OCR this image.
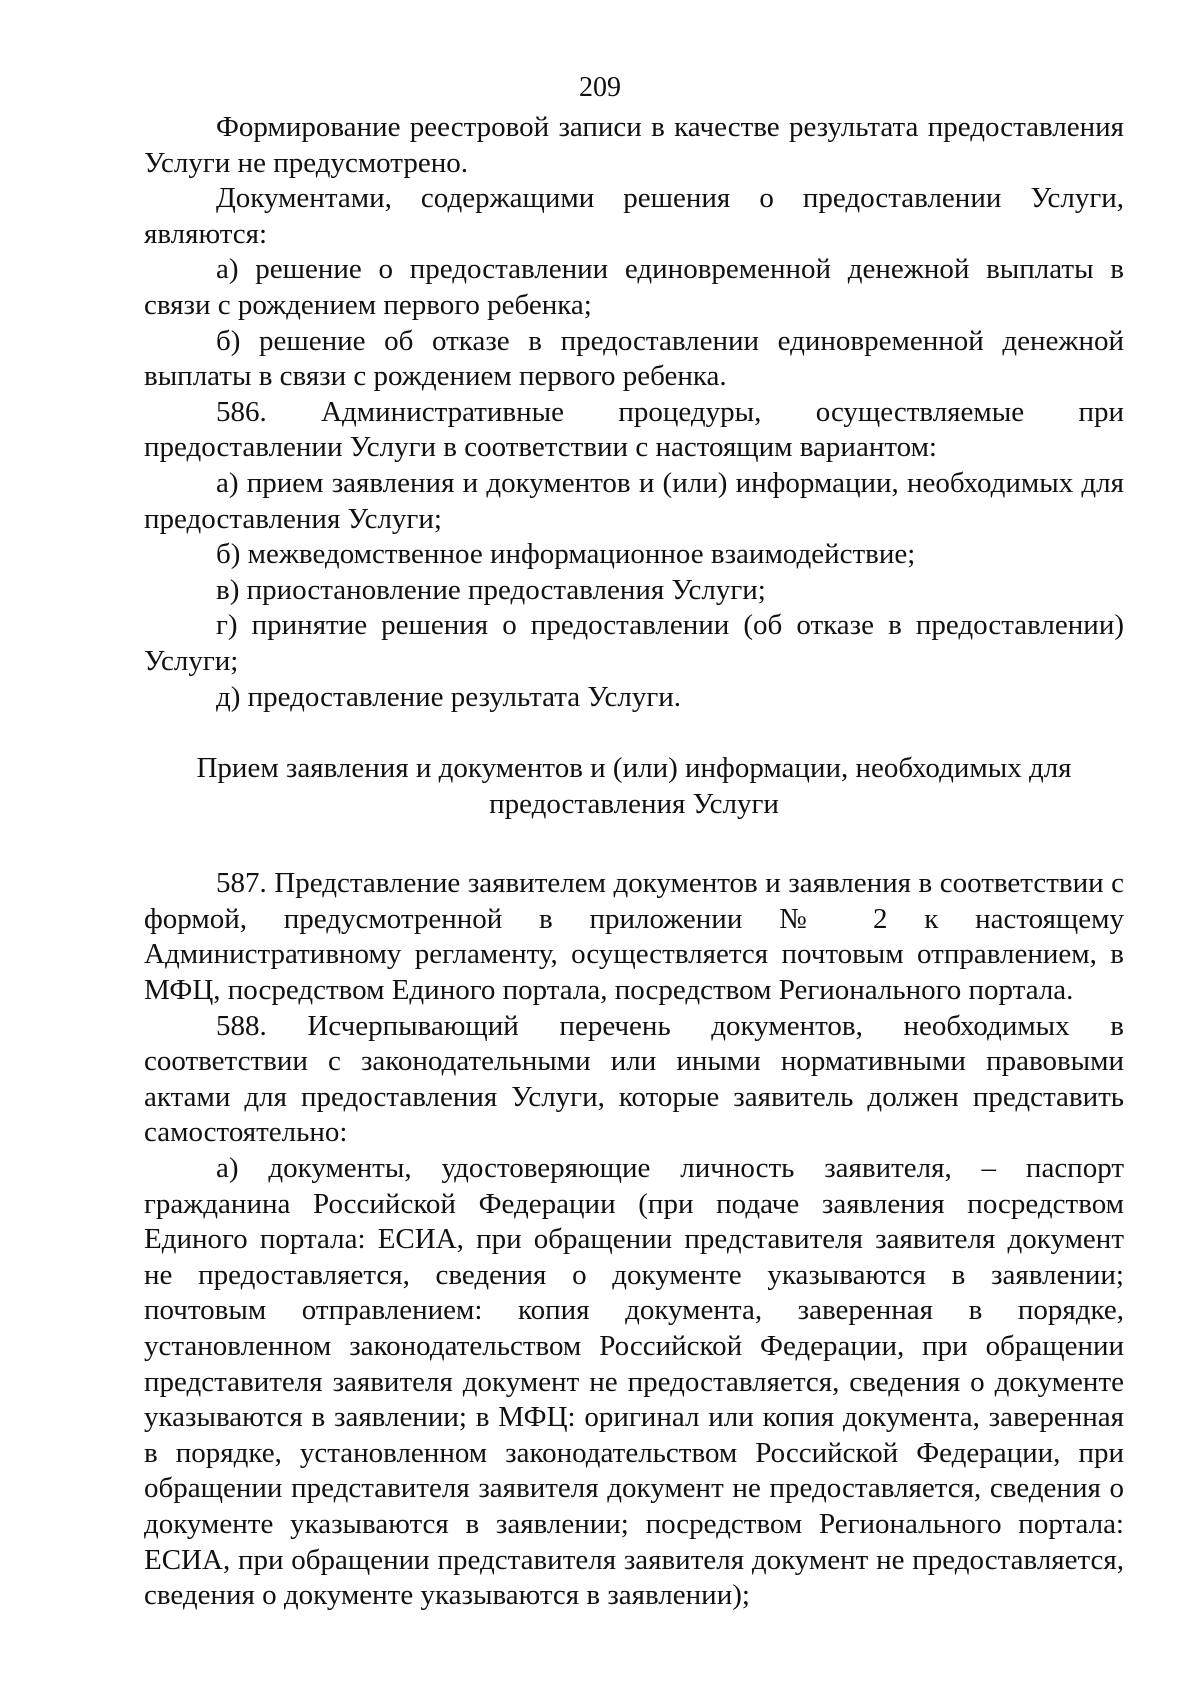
209

Формирование реестровой записи в качестве результата предоставления Услуги не предусмотрено.

Документами, содержащими решения о предоставлении Услуги, являются:

а) решение о предоставлении единовременной денежной выплаты в связи с рождением первого ребенка;

б) решение об отказе в предоставлении единовременной денежной выплаты в связи с рождением первого ребенка.

586. Административные процедуры, осуществляемые при предоставлении Услуги в соответствии с настоящим вариантом:

а) прием заявления и документов и (или) информации, необходимых для предоставления Услуги;

б) межведомственное информационное взаимодействие;

в) приостановление предоставления Услуги;

г) принятие решения о предоставлении (об отказе в предоставлении) Услуги;

д) предоставление результата Услуги.

Прием заявления и документов и (или) информации, необходимых для предоставления Услуги

587. Представление заявителем документов и заявления в соответствии с формой, предусмотренной в приложении № 2 к настоящему Административному регламенту, осуществляется почтовым отправлением, в МФЦ, посредством Единого портала, посредством Регионального портала.

588. Исчерпывающий перечень документов, необходимых в соответствии с законодательными или иными нормативными правовыми актами для предоставления Услуги, которые заявитель должен представить самостоятельно:

а) документы, удостоверяющие личность заявителя, – паспорт гражданина Российской Федерации (при подаче заявления посредством Единого портала: ЕСИА, при обращении представителя заявителя документ не предоставляется, сведения о документе указываются в заявлении; почтовым отправлением: копия документа, заверенная в порядке, установленном законодательством Российской Федерации, при обращении представителя заявителя документ не предоставляется, сведения о документе указываются в заявлении; в МФЦ: оригинал или копия документа, заверенная в порядке, установленном законодательством Российской Федерации, при обращении представителя заявителя документ не предоставляется, сведения о документе указываются в заявлении; посредством Регионального портала: ЕСИА, при обращении представителя заявителя документ не предоставляется, сведения о документе указываются в заявлении);
